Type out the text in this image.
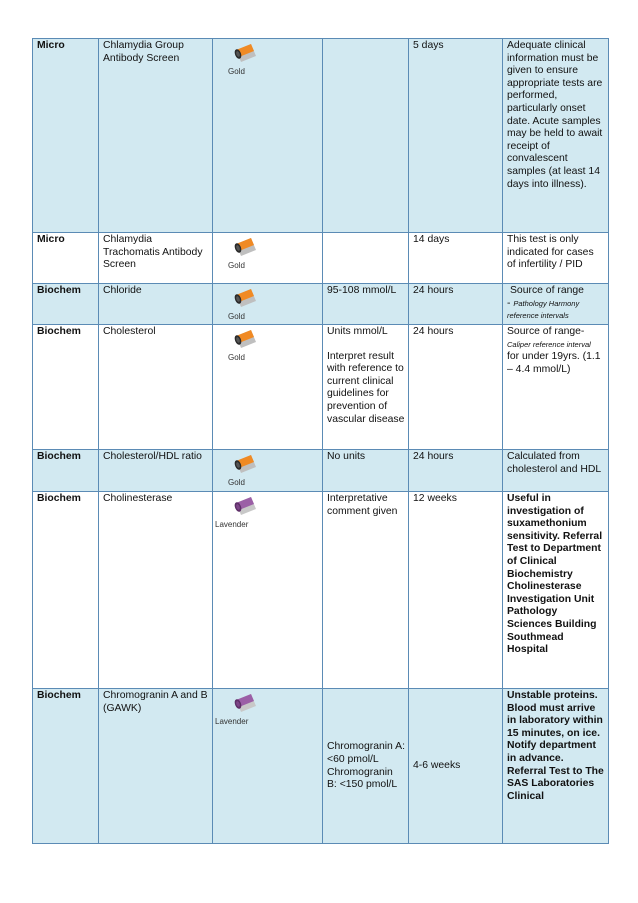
Micro	Chlamydia Group Antibody Screen	Gold		5 days	Adequate clinical information must be given to ensure appropriate tests are performed, particularly onset date. Acute samples may be held to await receipt of convalescent samples (at least 14 days into illness).
Micro	Chlamydia Trachomatis Antibody Screen	Gold		14 days	This test is only indicated for cases of infertility / PID
Biochem	Chloride	Gold	95-108 mmol/L	24 hours	Source of range
- Pathology Harmony reference intervals
Biochem	Cholesterol	Gold	Units mmol/L
Interpret result with reference to current clinical guidelines for prevention of vascular disease	24 hours	Source of range-
Caliper reference interval for under 19yrs. (1.1 – 4.4 mmol/L)
Biochem	Cholesterol/HDL ratio	Gold	No units	24 hours	Calculated from cholesterol and HDL
Biochem	Cholinesterase	Lavender	Interpretative comment given	12 weeks	Useful in investigation of suxamethonium sensitivity. Referral Test to Department of Clinical Biochemistry Cholinesterase Investigation Unit Pathology Sciences Building Southmead Hospital
Biochem	Chromogranin A and B (GAWK)	Lavender	Chromogranin A: <60 pmol/L Chromogranin B: <150 pmol/L	4-6 weeks	Unstable proteins. Blood must arrive in laboratory within 15 minutes, on ice. Notify department in advance. Referral Test to The SAS Laboratories Clinical
